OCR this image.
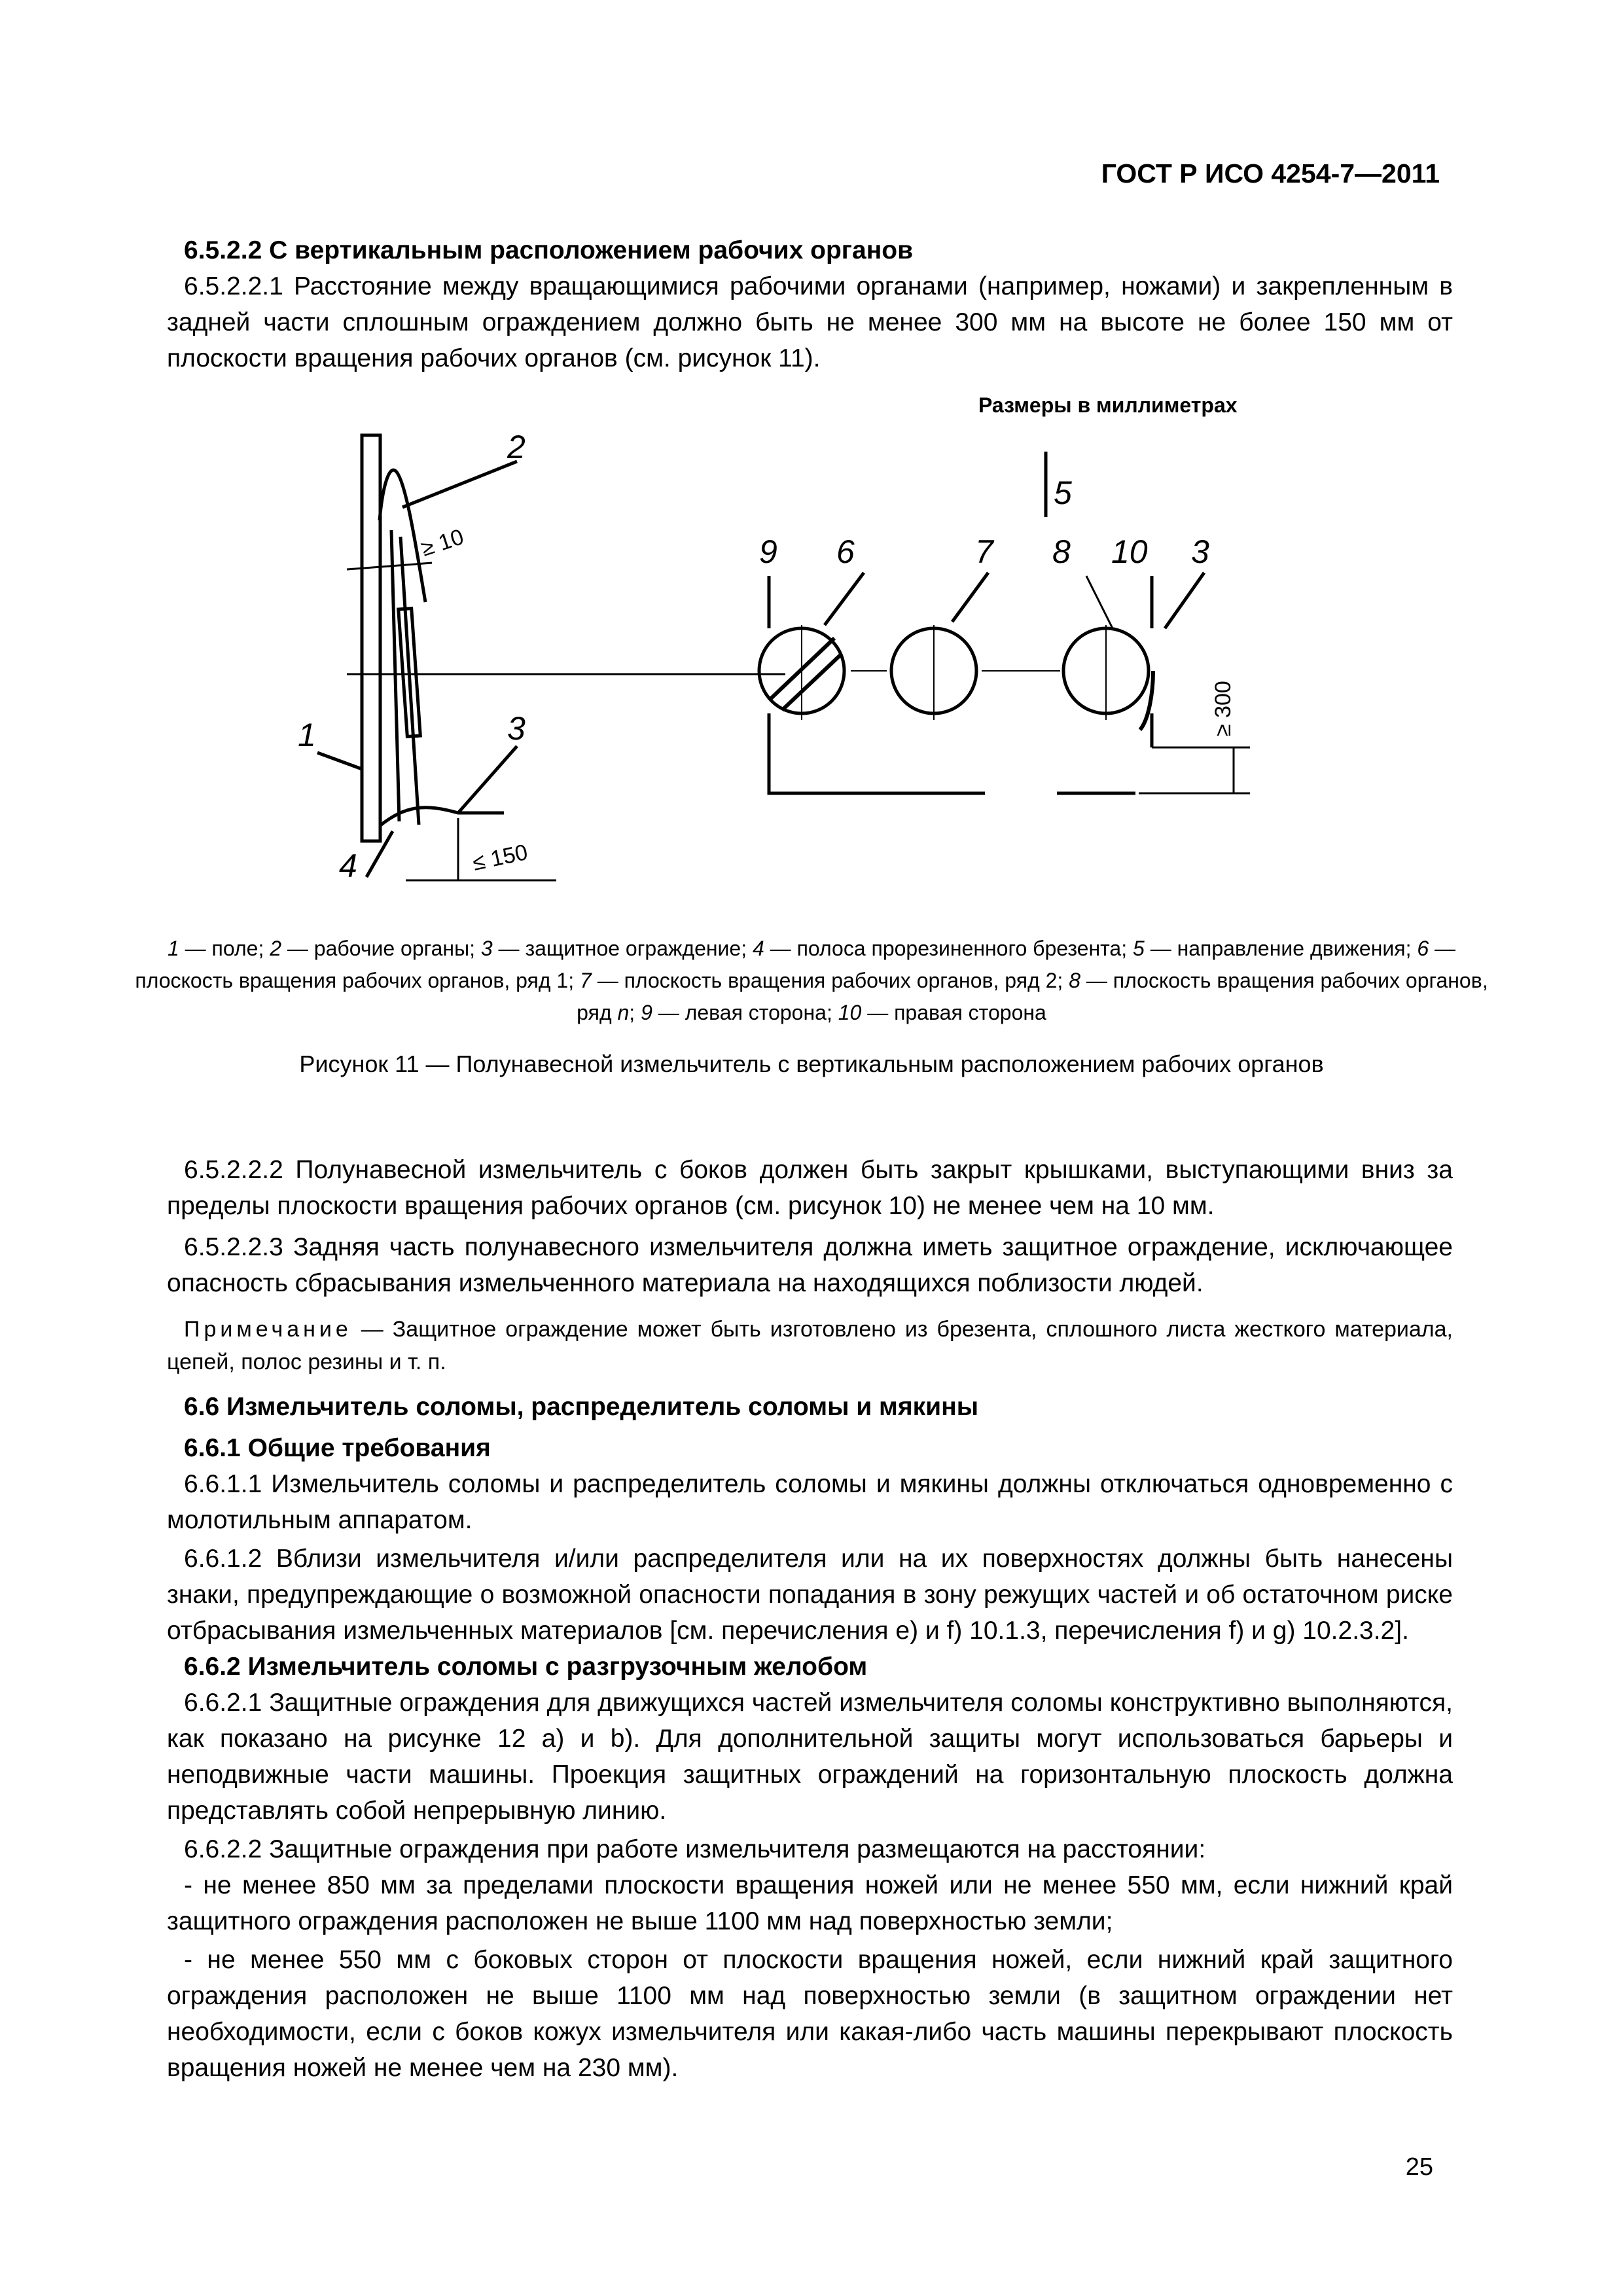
ГОСТ Р ИСО 4254-7—2011
6.5.2.2 С вертикальным расположением рабочих органов

6.5.2.2.1 Расстояние между вращающимися рабочими органами (например, ножами) и закрепленным в задней части сплошным ограждением должно быть не менее 300 мм на высоте не более 150 мм от плоскости вращения рабочих органов (см. рисунок 11).

2
1	3
4
5
9 6	7 8 10 3
≥ 10
≤ 150
≥ 300
Размеры в миллиметрах
1 — поле; 2 — рабочие органы; 3 — защитное ограждение; 4 — полоса прорезиненного брезента; 5 — направление движения; 6 — плоскость вращения рабочих органов, ряд 1; 7 — плоскость вращения рабочих органов, ряд 2; 8 — плоскость вращения рабочих органов, ряд n; 9 — левая сторона; 10 — правая сторона
Рисунок 11 — Полунавесной измельчитель с вертикальным расположением рабочих органов

6.5.2.2.2 Полунавесной измельчитель с боков должен быть закрыт крышками, выступающими вниз за пределы плоскости вращения рабочих органов (см. рисунок 10) не менее чем на 10 мм.

6.5.2.2.3 Задняя часть полунавесного измельчителя должна иметь защитное ограждение, исключающее опасность сбрасывания измельченного материала на находящихся поблизости людей.

Примечание — Защитное ограждение может быть изготовлено из брезента, сплошного листа жесткого материала, цепей, полос резины и т. п.

6.6 Измельчитель соломы, распределитель соломы и мякины
6.6.1 Общие требования

6.6.1.1 Измельчитель соломы и распределитель соломы и мякины должны отключаться одновременно с молотильным аппаратом.

6.6.1.2 Вблизи измельчителя и/или распределителя или на их поверхностях должны быть нанесены знаки, предупреждающие о возможной опасности попадания в зону режущих частей и об остаточном риске отбрасывания измельченных материалов [см. перечисления е) и f) 10.1.3, перечисления f) и g) 10.2.3.2].

6.6.2 Измельчитель соломы с разгрузочным желобом

6.6.2.1 Защитные ограждения для движущихся частей измельчителя соломы конструктивно выполняются, как показано на рисунке 12 а) и b). Для дополнительной защиты могут использоваться барьеры и неподвижные части машины. Проекция защитных ограждений на горизонтальную плоскость должна представлять собой непрерывную линию.

6.6.2.2 Защитные ограждения при работе измельчителя размещаются на расстоянии:

- не менее 850 мм за пределами плоскости вращения ножей или не менее 550 мм, если нижний край защитного ограждения расположен не выше 1100 мм над поверхностью земли;

- не менее 550 мм с боковых сторон от плоскости вращения ножей, если нижний край защитного ограждения расположен не выше 1100 мм над поверхностью земли (в защитном ограждении нет необходимости, если с боков кожух измельчителя или какая-либо часть машины перекрывают плоскость вращения ножей не менее чем на 230 мм).

25
